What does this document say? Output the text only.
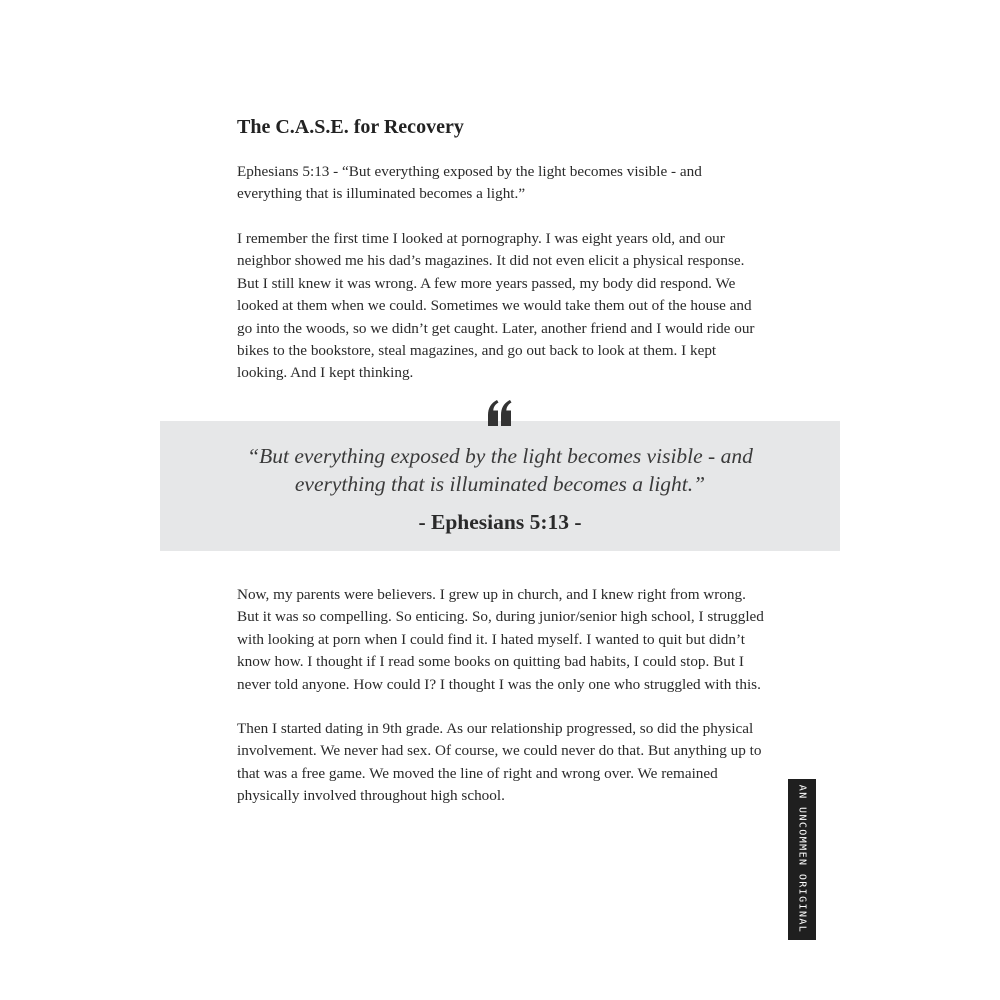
The C.A.S.E. for Recovery

Ephesians 5:13 - “But everything exposed by the light becomes visible - and everything that is illuminated becomes a light.”

I remember the first time I looked at pornography. I was eight years old, and our neighbor showed me his dad’s magazines. It did not even elicit a physical response. But I still knew it was wrong. A few more years passed, my body did respond. We looked at them when we could. Sometimes we would take them out of the house and go into the woods, so we didn’t get caught. Later, another friend and I would ride our bikes to the bookstore, steal magazines, and go out back to look at them. I kept looking. And I kept thinking.

“But everything exposed by the light becomes visible - and everything that is illuminated becomes a light.”

- Ephesians 5:13 -

Now, my parents were believers. I grew up in church, and I knew right from wrong. But it was so compelling. So enticing. So, during junior/senior high school, I struggled with looking at porn when I could find it. I hated myself. I wanted to quit but didn’t know how. I thought if I read some books on quitting bad habits, I could stop. But I never told anyone. How could I? I thought I was the only one who struggled with this.

Then I started dating in 9th grade. As our relationship progressed, so did the physical involvement. We never had sex. Of course, we could never do that. But anything up to that was a free game. We moved the line of right and wrong over. We remained physically involved throughout high school.	AN UNCOMMEN ORIGINAL
